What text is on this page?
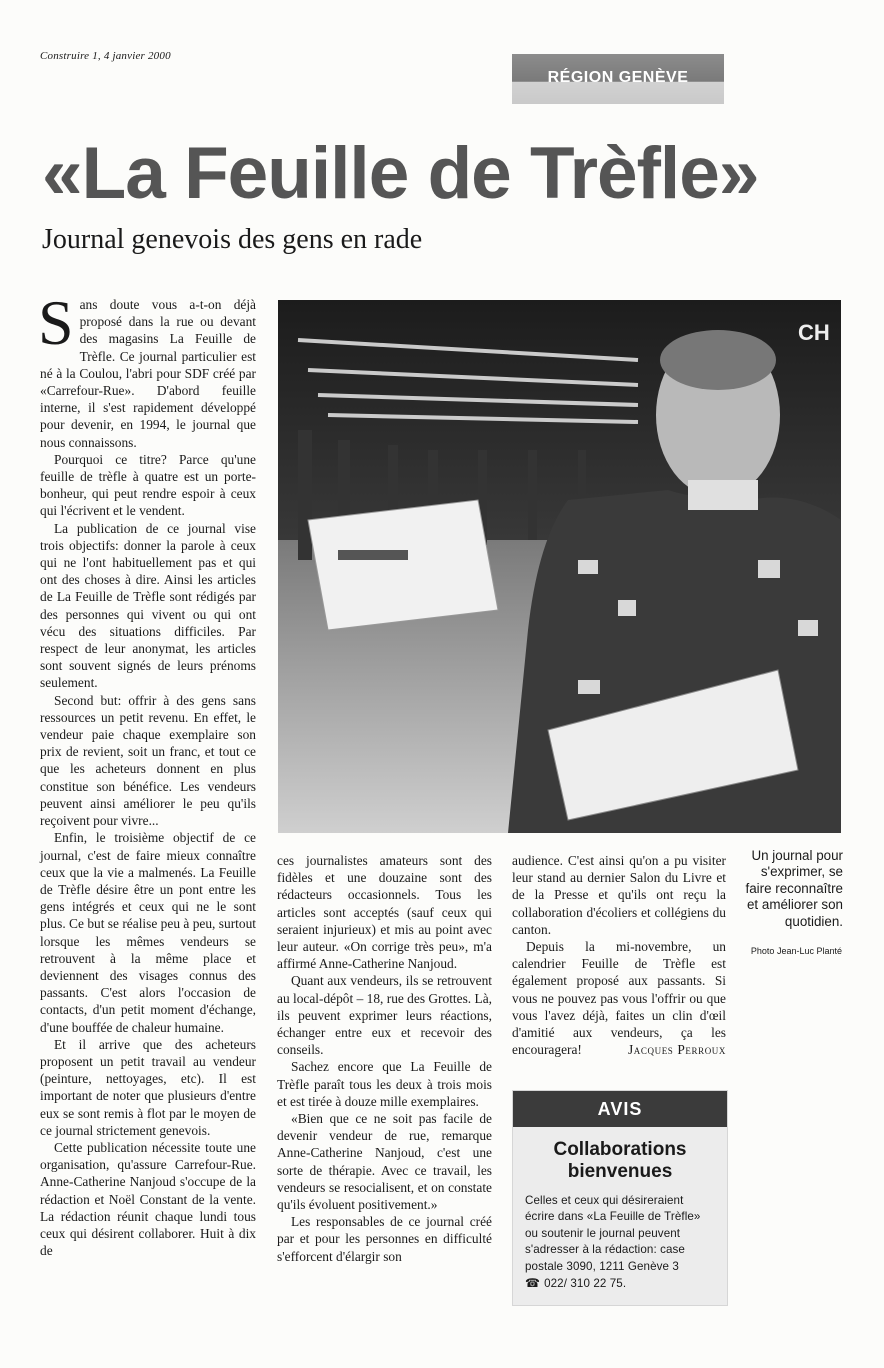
Construire 1, 4 janvier 2000
RÉGION GENÈVE
«La Feuille de Trèfle»
Journal genevois des gens en rade

Sans doute vous a-t-on déjà proposé dans la rue ou devant des magasins La Feuille de Trèfle. Ce journal particulier est né à la Coulou, l'abri pour SDF créé par «Carrefour-Rue». D'abord feuille interne, il s'est rapidement développé pour devenir, en 1994, le journal que nous connaissons.

Pourquoi ce titre? Parce qu'une feuille de trèfle à quatre est un porte-bonheur, qui peut rendre espoir à ceux qui l'écrivent et le vendent.

La publication de ce journal vise trois objectifs: donner la parole à ceux qui ne l'ont habituellement pas et qui ont des choses à dire. Ainsi les articles de La Feuille de Trèfle sont rédigés par des personnes qui vivent ou qui ont vécu des situations difficiles. Par respect de leur anonymat, les articles sont souvent signés de leurs prénoms seulement.

Second but: offrir à des gens sans ressources un petit revenu. En effet, le vendeur paie chaque exemplaire son prix de revient, soit un franc, et tout ce que les acheteurs donnent en plus constitue son bénéfice. Les vendeurs peuvent ainsi améliorer le peu qu'ils reçoivent pour vivre...

Enfin, le troisième objectif de ce journal, c'est de faire mieux connaître ceux que la vie a malmenés. La Feuille de Trèfle désire être un pont entre les gens intégrés et ceux qui ne le sont plus. Ce but se réalise peu à peu, surtout lorsque les mêmes vendeurs se retrouvent à la même place et deviennent des visages connus des passants. C'est alors l'occasion de contacts, d'un petit moment d'échange, d'une bouffée de chaleur humaine.

Et il arrive que des acheteurs proposent un petit travail au vendeur (peinture, nettoyages, etc). Il est important de noter que plusieurs d'entre eux se sont remis à flot par le moyen de ce journal strictement genevois.

Cette publication nécessite toute une organisation, qu'assure Carrefour-Rue. Anne-Catherine Nanjoud s'occupe de la rédaction et Noël Constant de la vente. La rédaction réunit chaque lundi tous ceux qui désirent collaborer. Huit à dix de

CH
Un journal pour s'exprimer, se faire reconnaître et améliorer son quotidien.
Photo Jean-Luc Planté

ces journalistes amateurs sont des fidèles et une douzaine sont des rédacteurs occasionnels. Tous les articles sont acceptés (sauf ceux qui seraient injurieux) et mis au point avec leur auteur. «On corrige très peu», m'a affirmé Anne-Catherine Nanjoud.

Quant aux vendeurs, ils se retrouvent au local-dépôt – 18, rue des Grottes. Là, ils peuvent exprimer leurs réactions, échanger entre eux et recevoir des conseils.

Sachez encore que La Feuille de Trèfle paraît tous les deux à trois mois et est tirée à douze mille exemplaires.

«Bien que ce ne soit pas facile de devenir vendeur de rue, remarque Anne-Catherine Nanjoud, c'est une sorte de thérapie. Avec ce travail, les vendeurs se resocialisent, et on constate qu'ils évoluent positivement.»

Les responsables de ce journal créé par et pour les personnes en difficulté s'efforcent d'élargir son

audience. C'est ainsi qu'on a pu visiter leur stand au dernier Salon du Livre et de la Presse et qu'ils ont reçu la collaboration d'écoliers et collégiens du canton.

Depuis la mi-novembre, un calendrier Feuille de Trèfle est également proposé aux passants. Si vous ne pouvez pas vous l'offrir ou que vous l'avez déjà, faites un clin d'œil d'amitié aux vendeurs, ça les encouragera!	Jacques Perroux

AVIS
Collaborations bienvenues
Celles et ceux qui désireraient écrire dans «La Feuille de Trèfle» ou soutenir le journal peuvent s'adresser à la rédaction: case postale 3090, 1211 Genève 3
☎ 022/ 310 22 75.
